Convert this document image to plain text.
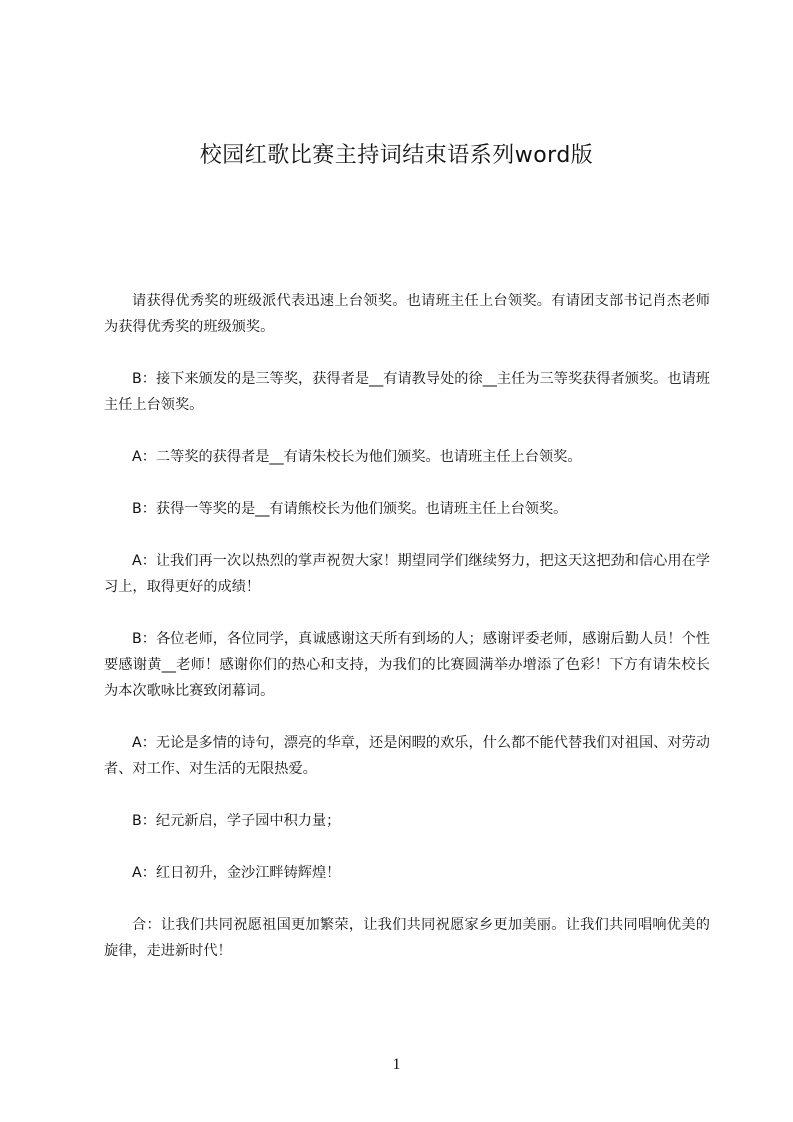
校园红歌比赛主持词结束语系列word版

请获得优秀奖的班级派代表迅速上台领奖。也请班主任上台领奖。有请团支部书记肖杰老师为获得优秀奖的班级颁奖。

B：接下来颁发的是三等奖，获得者是__有请教导处的徐__主任为三等奖获得者颁奖。也请班主任上台领奖。

A：二等奖的获得者是__有请朱校长为他们颁奖。也请班主任上台领奖。

B：获得一等奖的是__有请熊校长为他们颁奖。也请班主任上台领奖。

A：让我们再一次以热烈的掌声祝贺大家！期望同学们继续努力，把这天这把劲和信心用在学习上，取得更好的成绩！

B：各位老师，各位同学，真诚感谢这天所有到场的人；感谢评委老师，感谢后勤人员！个性要感谢黄__老师！感谢你们的热心和支持，为我们的比赛圆满举办增添了色彩！下方有请朱校长为本次歌咏比赛致闭幕词。

A：无论是多情的诗句，漂亮的华章，还是闲暇的欢乐，什么都不能代替我们对祖国、对劳动者、对工作、对生活的无限热爱。

B：纪元新启，学子园中积力量；

A：红日初升，金沙江畔铸辉煌！

合：让我们共同祝愿祖国更加繁荣，让我们共同祝愿家乡更加美丽。让我们共同唱响优美的旋律，走进新时代！

1
